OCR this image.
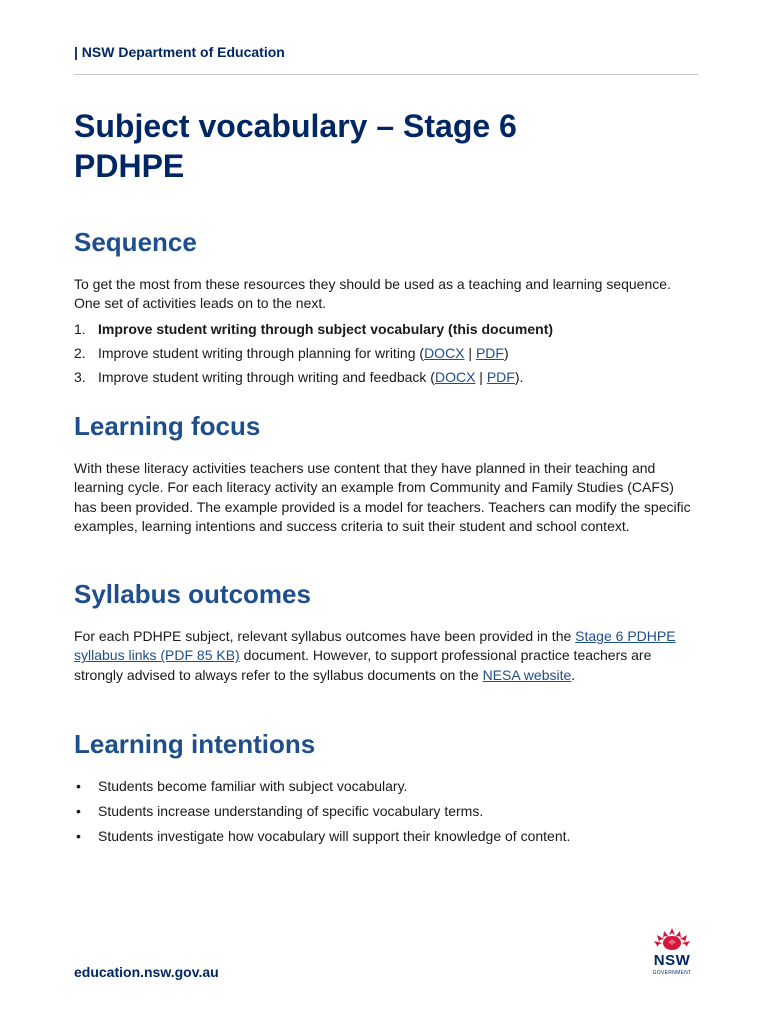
| NSW Department of Education
Subject vocabulary – Stage 6
PDHPE
Sequence

To get the most from these resources they should be used as a teaching and learning sequence. One set of activities leads on to the next.

1. Improve student writing through subject vocabulary (this document)
2. Improve student writing through planning for writing (DOCX | PDF)
3. Improve student writing through writing and feedback (DOCX | PDF).
Learning focus

With these literacy activities teachers use content that they have planned in their teaching and learning cycle. For each literacy activity an example from Community and Family Studies (CAFS) has been provided. The example provided is a model for teachers. Teachers can modify the specific examples, learning intentions and success criteria to suit their student and school context.

Syllabus outcomes

For each PDHPE subject, relevant syllabus outcomes have been provided in the Stage 6 PDHPE syllabus links (PDF 85 KB) document. However, to support professional practice teachers are strongly advised to always refer to the syllabus documents on the NESA website.

Learning intentions
• Students become familiar with subject vocabulary.
• Students increase understanding of specific vocabulary terms.
• Students investigate how vocabulary will support their knowledge of content.
education.nsw.gov.au
NSW
GOVERNMENT
